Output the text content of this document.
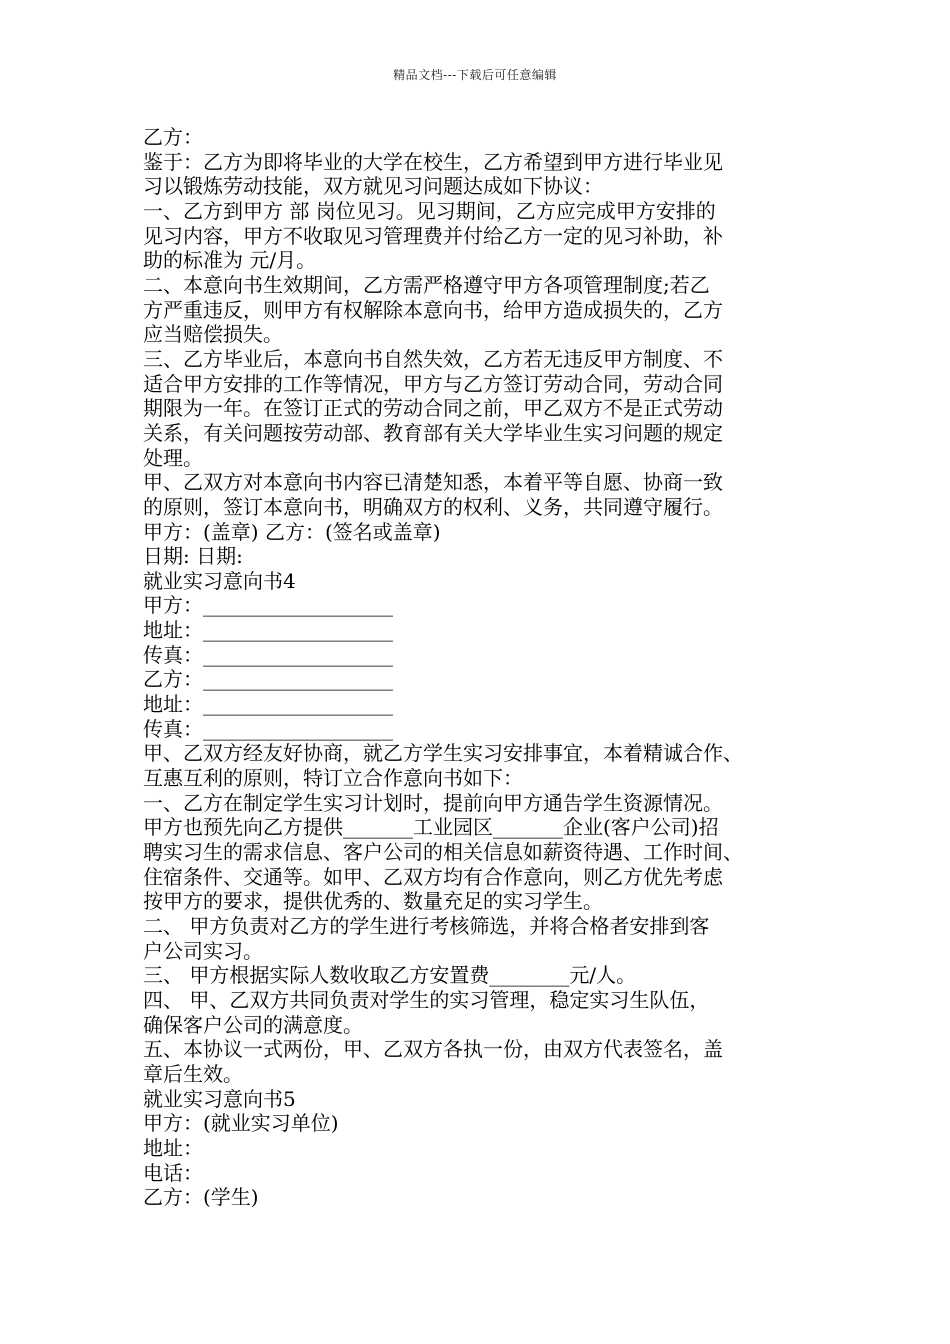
精品文档---下载后可任意编辑

乙方：

鉴于：乙方为即将毕业的大学在校生，乙方希望到甲方进行毕业见

习以锻炼劳动技能，双方就见习问题达成如下协议：

一、乙方到甲方 部 岗位见习。见习期间，乙方应完成甲方安排的

见习内容，甲方不收取见习管理费并付给乙方一定的见习补助，补

助的标准为 元/月。

二、本意向书生效期间，乙方需严格遵守甲方各项管理制度;若乙

方严重违反，则甲方有权解除本意向书，给甲方造成损失的，乙方

应当赔偿损失。

三、乙方毕业后，本意向书自然失效，乙方若无违反甲方制度、不

适合甲方安排的工作等情况，甲方与乙方签订劳动合同，劳动合同

期限为一年。在签订正式的劳动合同之前，甲乙双方不是正式劳动

关系，有关问题按劳动部、教育部有关大学毕业生实习问题的规定

处理。

甲、乙双方对本意向书内容已清楚知悉，本着平等自愿、协商一致

的原则，签订本意向书，明确双方的权利、义务，共同遵守履行。

甲方：(盖章) 乙方：(签名或盖章)

日期: 日期:

就业实习意向书4

甲方：___________________

地址：___________________

传真：___________________

乙方：___________________

地址：___________________

传真：___________________

甲、乙双方经友好协商，就乙方学生实习安排事宜，本着精诚合作、

互惠互利的原则，特订立合作意向书如下：

一、乙方在制定学生实习计划时，提前向甲方通告学生资源情况。

甲方也预先向乙方提供_______工业园区_______企业(客户公司)招

聘实习生的需求信息、客户公司的相关信息如薪资待遇、工作时间、

住宿条件、交通等。如甲、乙双方均有合作意向，则乙方优先考虑

按甲方的要求，提供优秀的、数量充足的实习学生。

二、 甲方负责对乙方的学生进行考核筛选，并将合格者安排到客

户公司实习。

三、 甲方根据实际人数收取乙方安置费________元/人。

四、 甲、乙双方共同负责对学生的实习管理，稳定实习生队伍，

确保客户公司的满意度。

五、本协议一式两份，甲、乙双方各执一份，由双方代表签名，盖

章后生效。

就业实习意向书5

甲方：(就业实习单位)

地址：

电话：

乙方：(学生)
